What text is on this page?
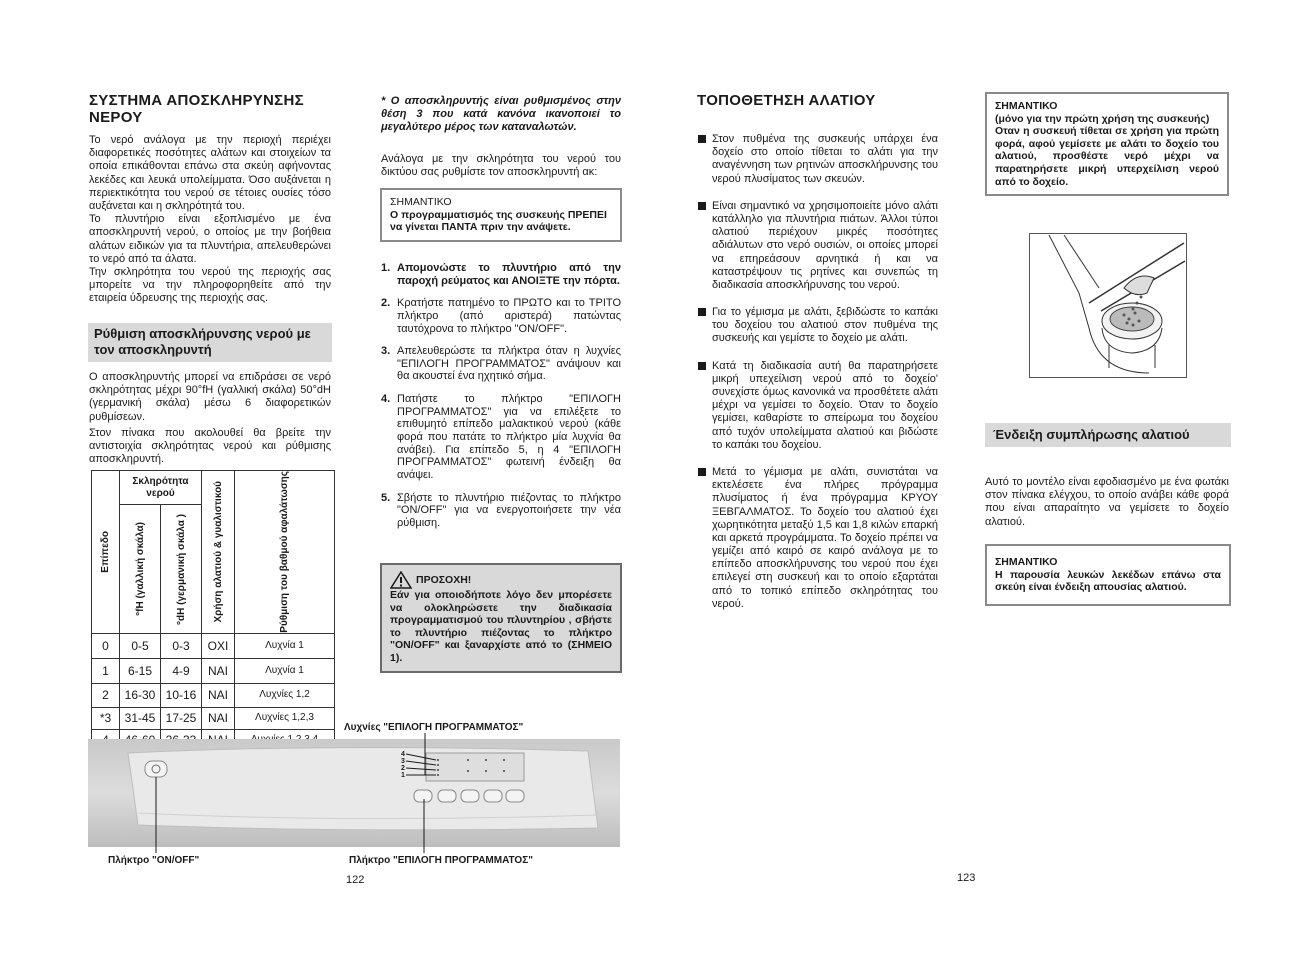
ΣΥΣΤΗΜΑ ΑΠΟΣΚΛΗΡΥΝΣΗΣ ΝΕΡΟΥ
Το νερό ανάλογα με την περιοχή περιέχει διαφορετικές ποσότητες αλάτων και στοιχείων τα οποία επικάθονται επάνω στα σκεύη αφήνοντας λεκέδες και λευκά υπολείμματα. Όσο αυξάνεται η περιεκτικότητα του νερού σε τέτοιες ουσίες τόσο αυξάνεται και η σκληρότητά του.
Το πλυντήριο είναι εξοπλισμένο με ένα αποσκληρυντή νερού, ο οποίος με την βοήθεια αλάτων ειδικών για τα πλυντήρια, απελευθερώνει το νερό από τα άλατα.
Την σκληρότητα του νερού της περιοχής σας μπορείτε να την πληροφορηθείτε από την εταιρεία ύδρευσης της περιοχής σας.
Ρύθμιση αποσκλήρυνσης νερού με τον αποσκληρυντή
Ο αποσκληρυντής μπορεί να επιδράσει σε νερό σκληρότητας μέχρι 90°fH (γαλλική σκάλα) 50°dH (γερμανική σκάλα) μέσω 6 διαφορετικών ρυθμίσεων.
Στον πίνακα που ακολουθεί θα βρείτε την αντιστοιχία σκληρότητας νερού και ρύθμισης αποσκληρυντή.
Επίπεδο	Σκληρότητα νερού		Χρήση αλατιού & γυαλιστικού	Ρύθμιση του βαθμού αφαλάτωσης

	°fH (γαλλική σκάλα)	°dH (γερμανική σκάλα )		

0	0-5	0-3	ΟΧΙ	Λυχνία 1
1	6-15	4-9	ΝΑΙ	Λυχνία 1
2	16-30	10-16	ΝΑΙ	Λυχνίες 1,2
*3	31-45	17-25	ΝΑΙ	Λυχνίες 1,2,3

* Ο αποσκληρυντής είναι ρυθμισμένος στην θέση 3 που κατά κανόνα ικανοποιεί το μεγαλύτερο μέρος των καταναλωτών.
Ανάλογα με την σκληρότητα του νερού του δικτύου σας ρυθμίστε τον αποσκληρυντή ακ:
ΣΗΜΑΝΤΙΚΟ
Ο προγραμματισμός της συσκευής ΠΡΕΠΕΙ να γίνεται ΠΑΝΤΑ πριν την ανάψετε.
1. Απομονώστε το πλυντήριο από την παροχή ρεύματος και ΑΝΟΙΞΤΕ την πόρτα.
2. Κρατήστε πατημένο το ΠΡΩΤΟ και το ΤΡΙΤΟ πλήκτρο (από αριστερά) πατώντας ταυτόχρονα το πλήκτρο "ON/OFF".
3. Απελευθερώστε τα πλήκτρα όταν η λυχνίες "ΕΠΙΛΟΓΗ ΠΡΟΓΡΑΜΜΑΤΟΣ" ανάψουν και θα ακουστεί ένα ηχητικό σήμα.
4. Πατήστε το πλήκτρο "ΕΠΙΛΟΓΗ ΠΡΟΓΡΑΜΜΑΤΟΣ" για να επιλέξετε το επιθυμητό επίπεδο μαλακτικού νερού (κάθε φορά που πατάτε το πλήκτρο μία λυχνία θα ανάβει). Για επίπεδο 5, η 4 "ΕΠΙΛΟΓΗ ΠΡΟΓΡΑΜΜΑΤΟΣ" φωτεινή ένδειξη θα ανάψει.
5. Σβήστε το πλυντήριο πιέζοντας το πλήκτρο "ON/OFF" για να ενεργοποιήσετε την νέα ρύθμιση.
ΠΡΟΣΟΧΗ!
Εάν για οποιοδήποτε λόγο δεν μπορέσετε να ολοκληρώσετε την διαδικασία προγραμματισμού του πλυντηρίου , σβήστε το πλυντήριο πιέζοντας το πλήκτρο "ON/OFF" και ξαναρχίστε από το (ΣΗΜΕΙΟ 1).
Λυχνίες "ΕΠΙΛΟΓΗ ΠΡΟΓΡΑΜΜΑΤΟΣ"
4
3
2
1
Πλήκτρο "ON/OFF"	Πλήκτρο "ΕΠΙΛΟΓΗ ΠΡΟΓΡΑΜΜΑΤΟΣ"
122
ΤΟΠΟΘΕΤΗΣΗ ΑΛΑΤΙΟΥ
Στον πυθμένα της συσκευής υπάρχει ένα δοχείο στο οποίο τίθεται το αλάτι για την αναγέννηση των ρητινών αποσκλήρυνσης του νερού πλυσίματος των σκευών.
Είναι σημαντικό να χρησιμοποιείτε μόνο αλάτι κατάλληλο για πλυντήρια πιάτων. Άλλοι τύποι αλατιού περιέχουν μικρές ποσότητες αδιάλυτων στο νερό ουσιών, οι οποίες μπορεί να επηρεάσουν αρνητικά ή και να καταστρέψουν τις ρητίνες και συνεπώς τη διαδικασία αποσκλήρυνσης του νερού.
Για το γέμισμα με αλάτι, ξεβιδώστε το καπάκι του δοχείου του αλατιού στον πυθμένα της συσκευής και γεμίστε το δοχείο με αλάτι.
Κατά τη διαδικασία αυτή θα παρατηρήσετε μικρή υπεχείλιση νερού από το δοχείο' συνεχίστε όμως κανονικά να προσθέτετε αλάτι μέχρι να γεμίσει το δοχείο. Όταν το δοχείο γεμίσει, καθαρίστε το σπείρωμα του δοχείου από τυχόν υπολείμματα αλατιού και βιδώστε το καπάκι του δοχείου.
Μετά το γέμισμα με αλάτι, συνιστάται να εκτελέσετε ένα πλήρες πρόγραμμα πλυσίματος ή ένα πρόγραμμα ΚΡΥΟΥ ΞΕΒΓΑΛΜΑΤΟΣ. Το δοχείο του αλατιού έχει χωρητικότητα μεταξύ 1,5 και 1,8 κιλών επαρκή και αρκετά προγράμματα. Το δοχείο πρέπει να γεμίζει από καιρό σε καιρό ανάλογα με το επίπεδο αποσκλήρυνσης του νερού που έχει επιλεγεί στη συσκευή και το οποίο εξαρτάται από το τοπικό επίπεδο σκληρότητας του νερού.
ΣΗΜΑΝΤΙΚΟ
(μόνο για την πρώτη χρήση της συσκευής)
Οταν η συσκευή τίθεται σε χρήση για πρώτη φορά, αφού γεμίσετε με αλάτι το δοχείο του αλατιού, προσθέστε νερό μέχρι να παρατηρήσετε μικρή υπερχείλιση νερού από το δοχείο.
Ένδειξη συμπλήρωσης αλατιού
Αυτό το μοντέλο είναι εφοδιασμένο με ένα φωτάκι στον πίνακα ελέγχου, το οποίο ανάβει κάθε φορά που είναι απαραίτητο να γεμίσετε το δοχείο αλατιού.
ΣΗΜΑΝΤΙΚΟ
Η παρουσία λευκών λεκέδων επάνω στα σκεύη είναι ένδειξη απουσίας αλατιού.
123
